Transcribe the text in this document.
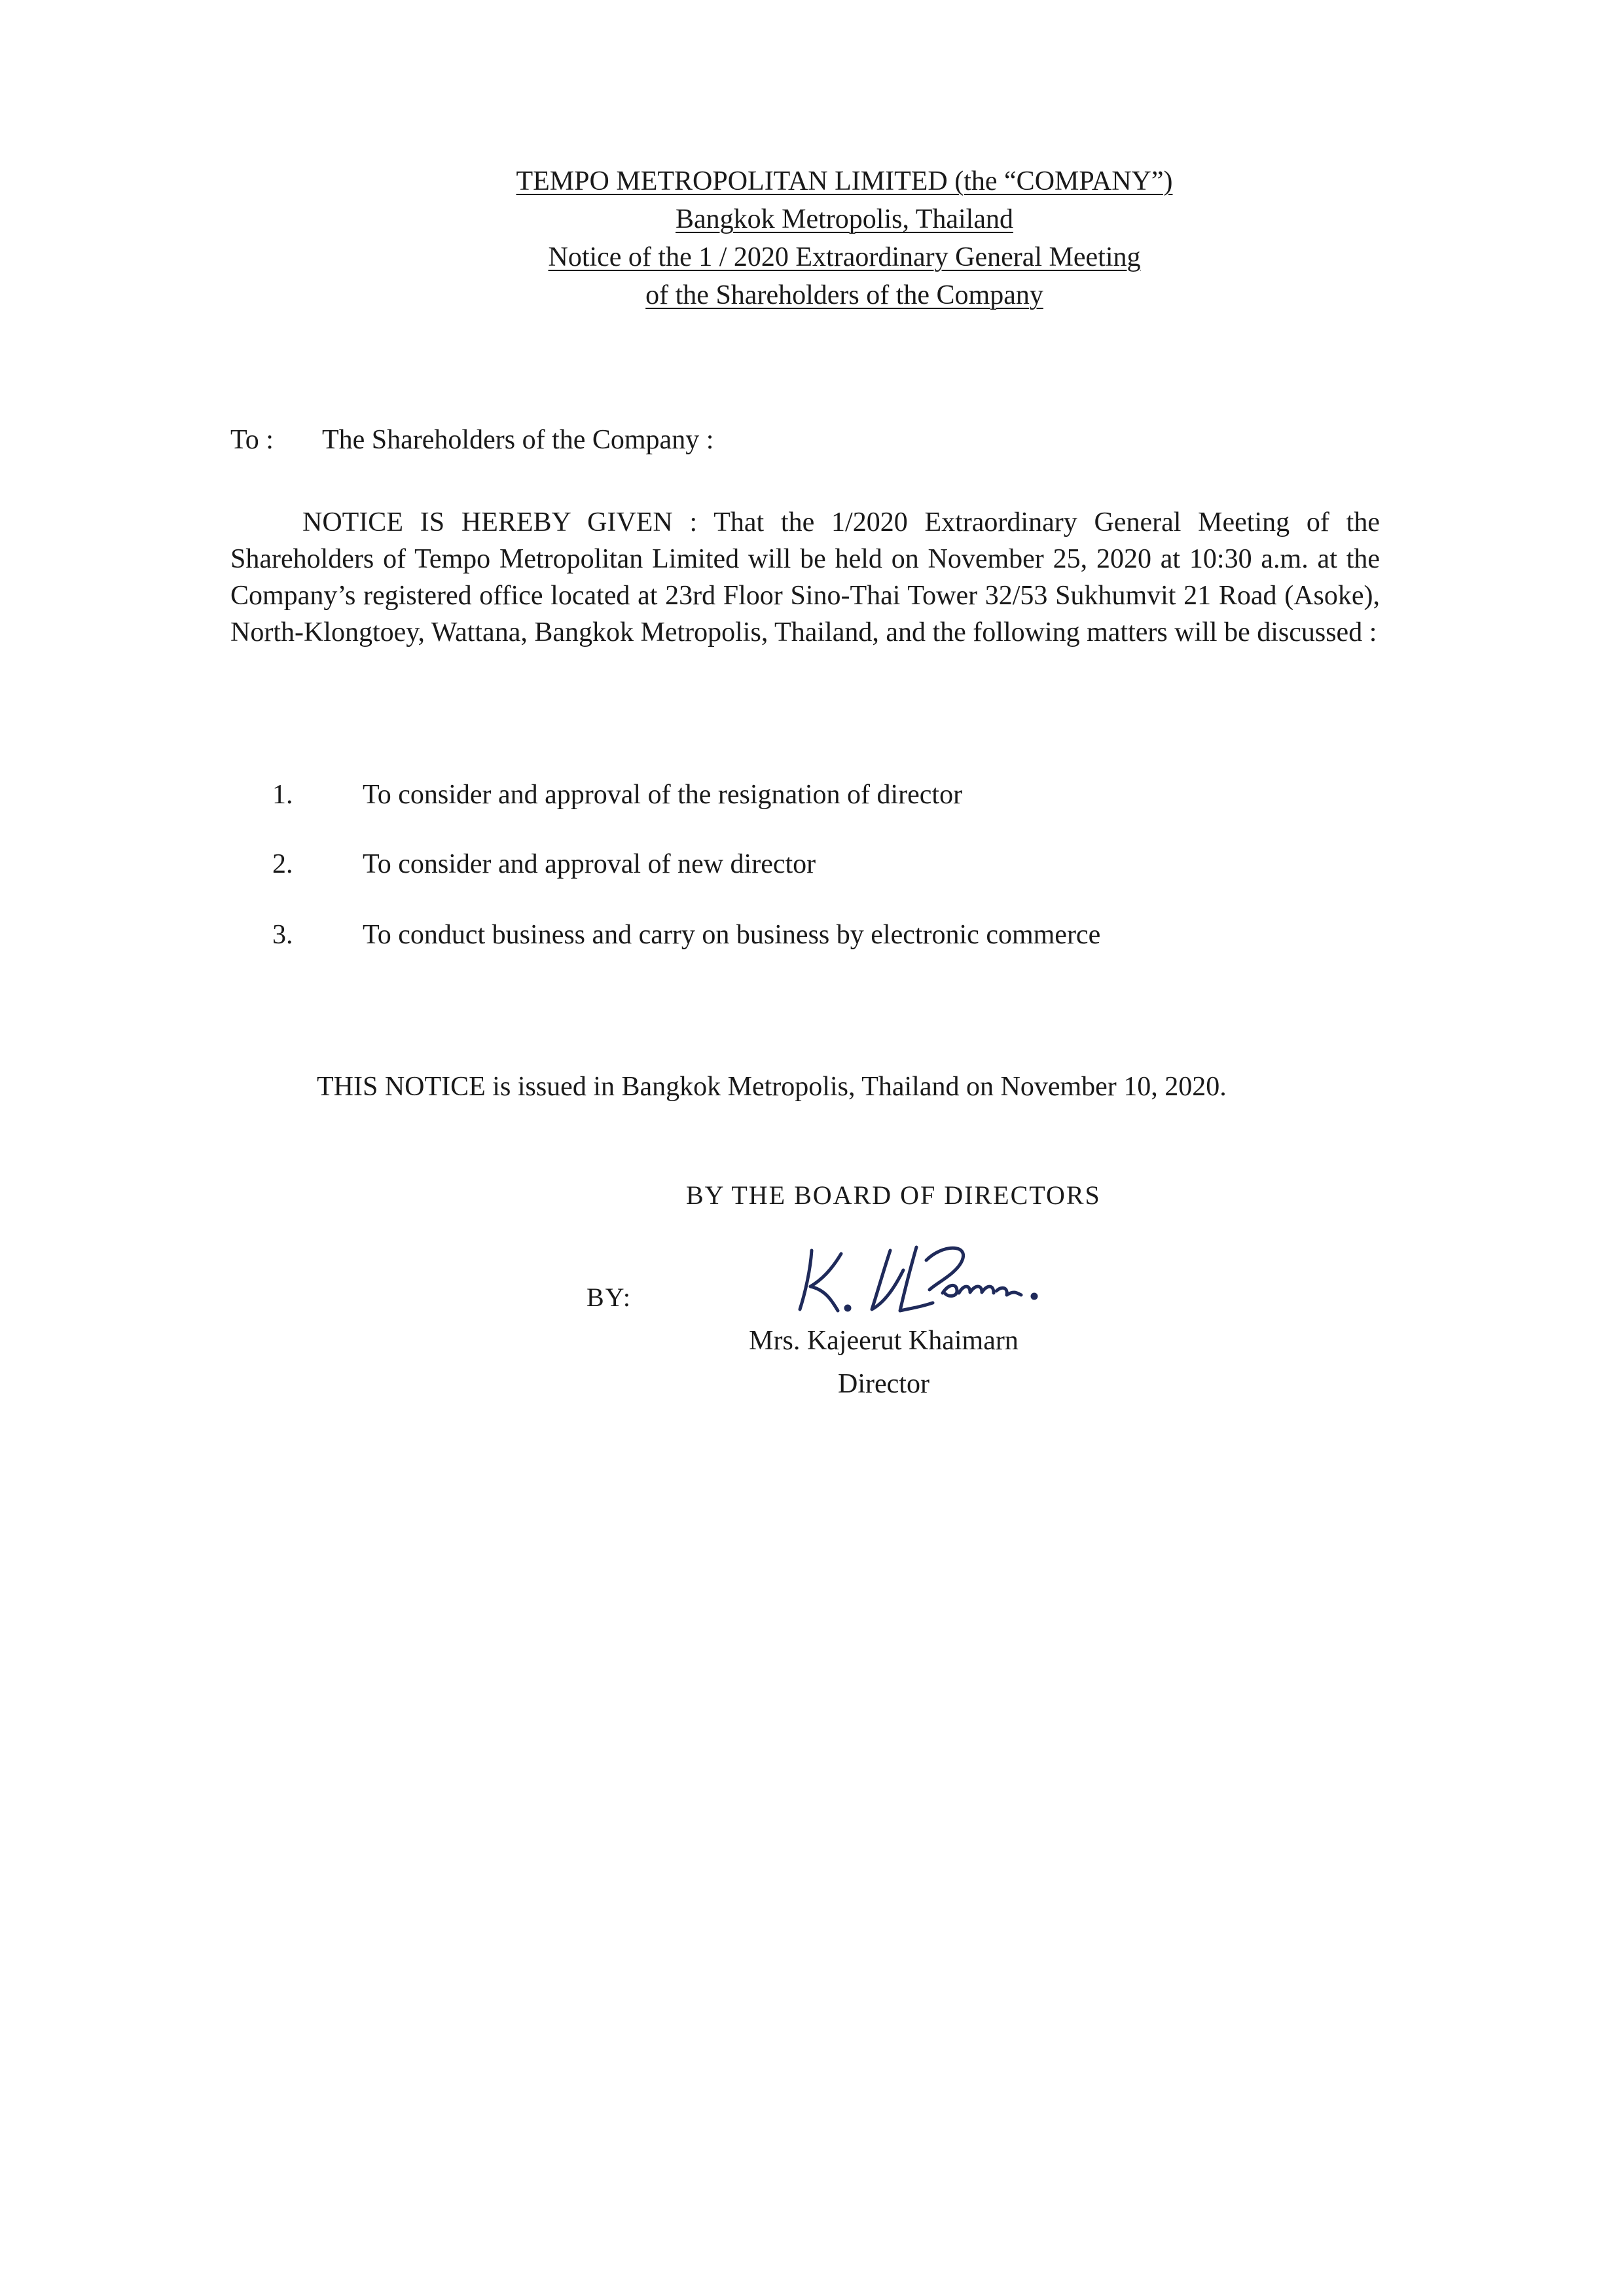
TEMPO METROPOLITAN LIMITED (the “COMPANY”)
Bangkok Metropolis, Thailand
Notice of the 1 / 2020 Extraordinary General Meeting
of the Shareholders of the Company
To : The Shareholders of the Company :

NOTICE IS HEREBY GIVEN : That the 1/2020 Extraordinary General Meeting of the Shareholders of Tempo Metropolitan Limited will be held on November 25, 2020 at 10:30 a.m. at the Company’s registered office located at 23rd Floor Sino-Thai Tower 32/53 Sukhumvit 21 Road (Asoke), North-Klongtoey, Wattana, Bangkok Metropolis, Thailand, and the following matters will be discussed :

1.	To consider and approval of the resignation of director
2.	To consider and approval of new director
3.	To conduct business and carry on business by electronic commerce
THIS NOTICE is issued in Bangkok Metropolis, Thailand on November 10, 2020.
BY THE BOARD OF DIRECTORS
BY:
Mrs. Kajeerut Khaimarn
Director
